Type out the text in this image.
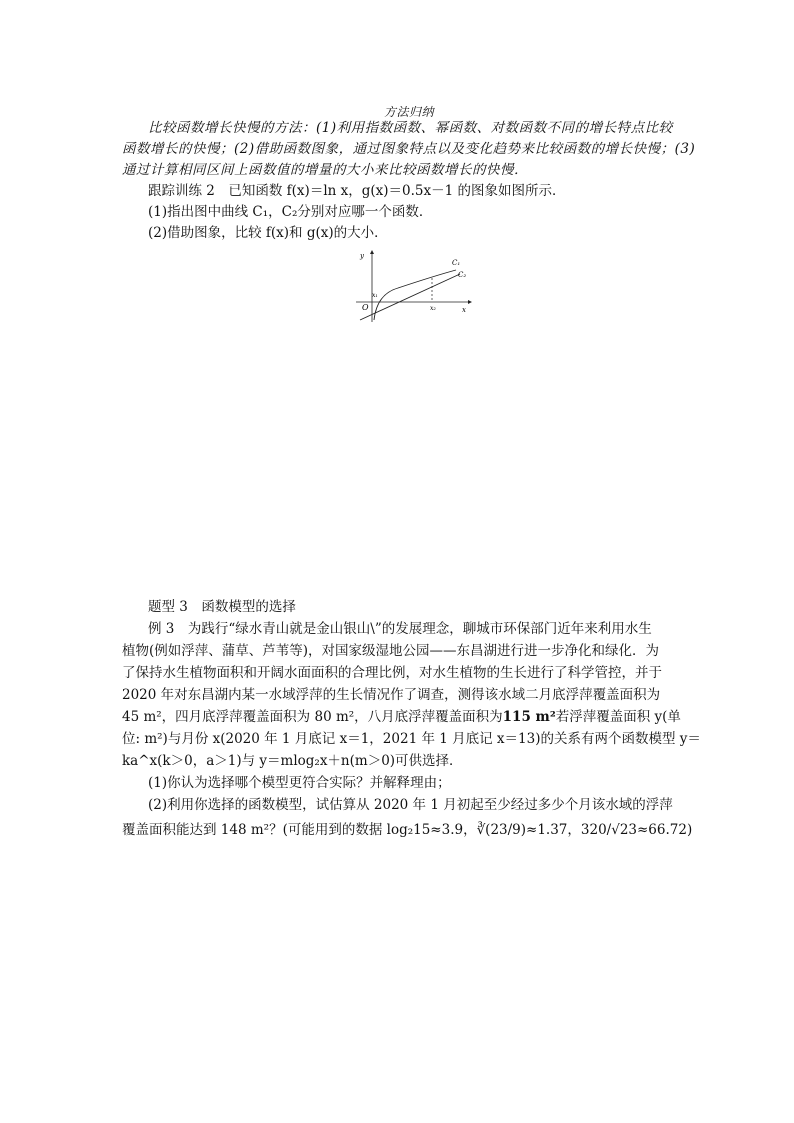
方法归纳
比较函数增长快慢的方法：(1)利用指数函数、幂函数、对数函数不同的增长特点比较
函数增长的快慢；(2)借助函数图象，通过图象特点以及变化趋势来比较函数的增长快慢；(3)
通过计算相同区间上函数值的增量的大小来比较函数增长的快慢．
跟踪训练 2　已知函数 f(x)＝ln x，g(x)＝0.5x－1 的图象如图所示．
(1)指出图中曲线 C₁，C₂分别对应哪一个函数．
(2)借助图象，比较 f(x)和 g(x)的大小．
y
x
O
C₁
C₂
x₁
x₂
题型 3　函数模型的选择
例 3　为践行“绿水青山就是金山银山\”的发展理念，聊城市环保部门近年来利用水生
植物(例如浮萍、蒲草、芦苇等)，对国家级湿地公园——东昌湖进行进一步净化和绿化．为
了保持水生植物面积和开阔水面面积的合理比例，对水生植物的生长进行了科学管控，并于
2020 年对东昌湖内某一水域浮萍的生长情况作了调查，测得该水域二月底浮萍覆盖面积为
45 m²，四月底浮萍覆盖面积为 80 m²，八月底浮萍覆盖面积为115 m²若浮萍覆盖面积 y(单
位: m²)与月份 x(2020 年 1 月底记 x＝1，2021 年 1 月底记 x＝13)的关系有两个函数模型 y＝
ka^x(k＞0，a＞1)与 y＝mlog₂x＋n(m＞0)可供选择．
(1)你认为选择哪个模型更符合实际？并解释理由；
(2)利用你选择的函数模型，试估算从 2020 年 1 月初起至少经过多少个月该水域的浮萍
覆盖面积能达到 148 m²？(可能用到的数据 log₂15≈3.9，∛(23/9)≈1.37，320/√23≈66.72)
